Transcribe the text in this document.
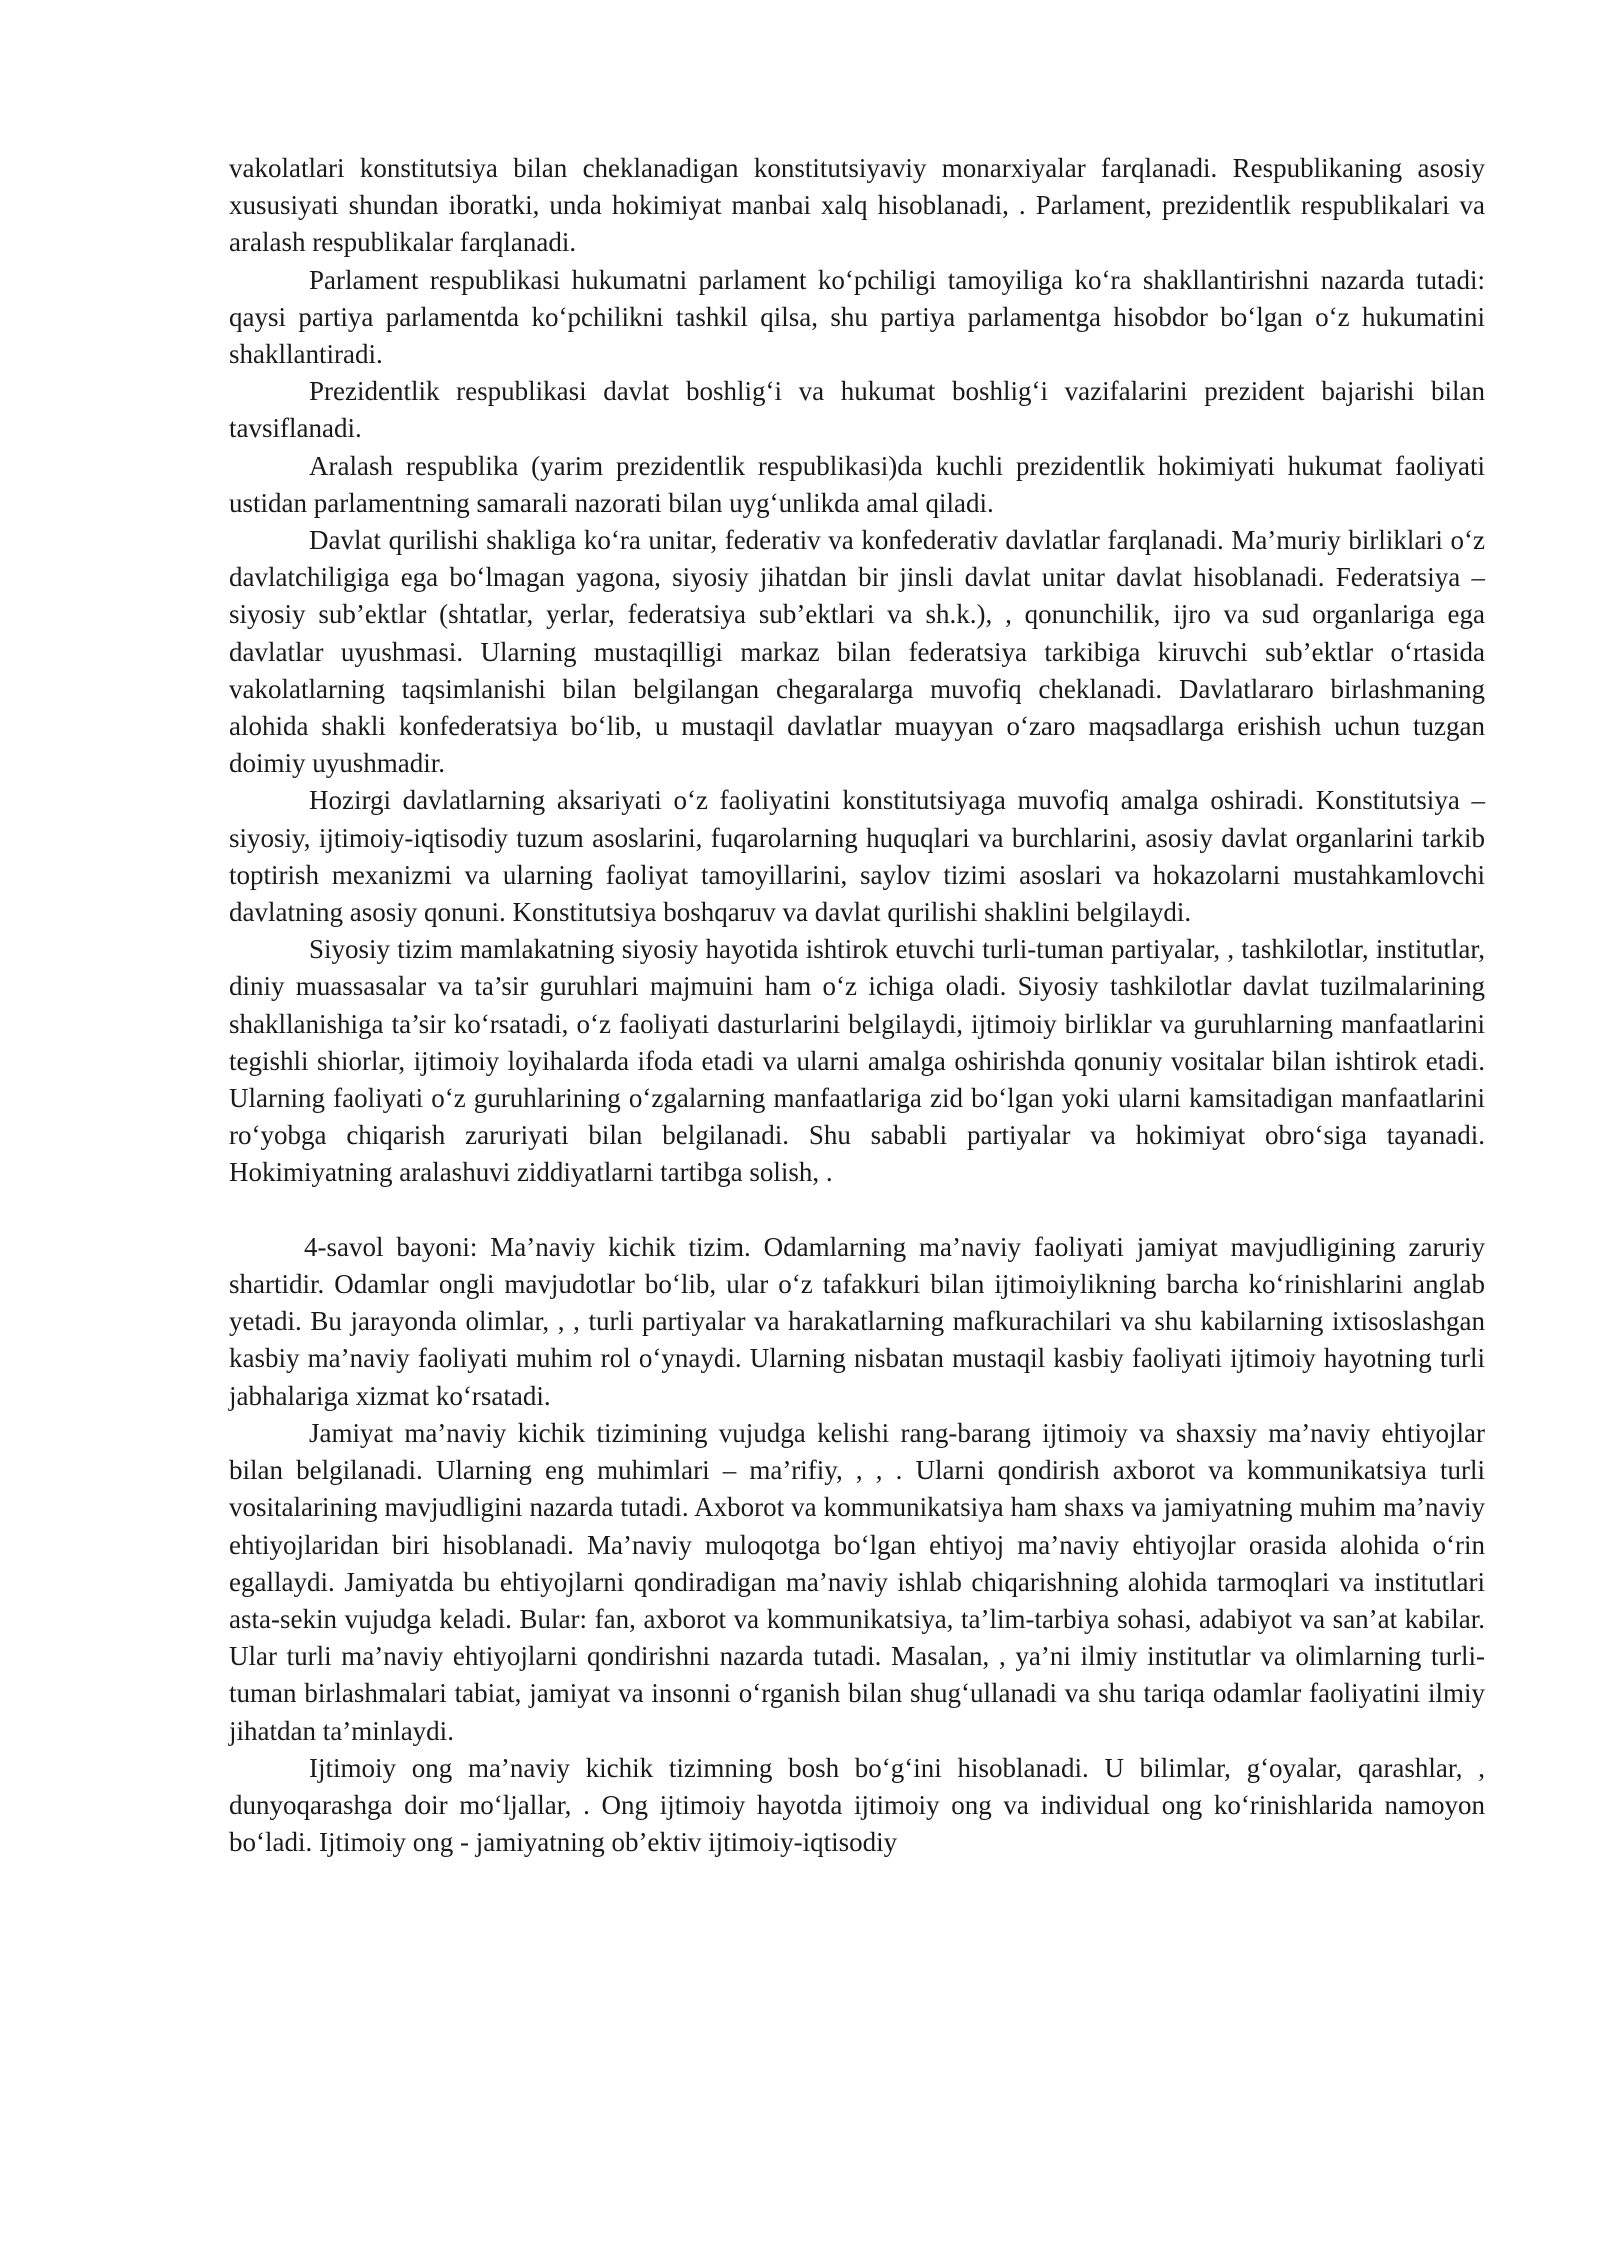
vakolatlari konstitutsiya bilan cheklanadigan konstitutsiyaviy monarxiyalar farqlanadi. Respublikaning asosiy xususiyati shundan iboratki, unda hokimiyat manbai xalq hisoblanadi, . Parlament, prezidentlik respublikalari va aralash respublikalar farqlanadi.

Parlament respublikasi hukumatni parlament ko‘pchiligi tamoyiliga ko‘ra shakllantirishni nazarda tutadi: qaysi partiya parlamentda ko‘pchilikni tashkil qilsa, shu partiya parlamentga hisobdor bo‘lgan o‘z hukumatini shakllantiradi.

Prezidentlik respublikasi davlat boshlig‘i va hukumat boshlig‘i vazifalarini prezident bajarishi bilan tavsiflanadi.

Aralash respublika (yarim prezidentlik respublikasi)da kuchli prezidentlik hokimiyati hukumat faoliyati ustidan parlamentning samarali nazorati bilan uyg‘unlikda amal qiladi.

Davlat qurilishi shakliga ko‘ra unitar, federativ va konfederativ davlatlar farqlanadi. Ma’muriy birliklari o‘z davlatchiligiga ega bo‘lmagan yagona, siyosiy jihatdan bir jinsli davlat unitar davlat hisoblanadi. Federatsiya – siyosiy sub’ektlar (shtatlar, yerlar, federatsiya sub’ektlari va sh.k.), , qonunchilik, ijro va sud organlariga ega davlatlar uyushmasi. Ularning mustaqilligi markaz bilan federatsiya tarkibiga kiruvchi sub’ektlar o‘rtasida vakolatlarning taqsimlanishi bilan belgilangan chegaralarga muvofiq cheklanadi. Davlatlararo birlashmaning alohida shakli konfederatsiya bo‘lib, u mustaqil davlatlar muayyan o‘zaro maqsadlarga erishish uchun tuzgan doimiy uyushmadir.

Hozirgi davlatlarning aksariyati o‘z faoliyatini konstitutsiyaga muvofiq amalga oshiradi. Konstitutsiya – siyosiy, ijtimoiy-iqtisodiy tuzum asoslarini, fuqarolarning huquqlari va burchlarini, asosiy davlat organlarini tarkib toptirish mexanizmi va ularning faoliyat tamoyillarini, saylov tizimi asoslari va hokazolarni mustahkamlovchi davlatning asosiy qonuni. Konstitutsiya boshqaruv va davlat qurilishi shaklini belgilaydi.

Siyosiy tizim mamlakatning siyosiy hayotida ishtirok etuvchi turli-tuman partiyalar, , tashkilotlar, institutlar, diniy muassasalar va ta’sir guruhlari majmuini ham o‘z ichiga oladi. Siyosiy tashkilotlar davlat tuzilmalarining shakllanishiga ta’sir ko‘rsatadi, o‘z faoliyati dasturlarini belgilaydi, ijtimoiy birliklar va guruhlarning manfaatlarini tegishli shiorlar, ijtimoiy loyihalarda ifoda etadi va ularni amalga oshirishda qonuniy vositalar bilan ishtirok etadi. Ularning faoliyati o‘z guruhlarining o‘zgalarning manfaatlariga zid bo‘lgan yoki ularni kamsitadigan manfaatlarini ro‘yobga chiqarish zaruriyati bilan belgilanadi. Shu sababli partiyalar va hokimiyat obro‘siga tayanadi. Hokimiyatning aralashuvi ziddiyatlarni tartibga solish, .

4-savol bayoni: Ma’naviy kichik tizim. Odamlarning ma’naviy faoliyati jamiyat mavjudligining zaruriy shartidir. Odamlar ongli mavjudotlar bo‘lib, ular o‘z tafakkuri bilan ijtimoiylikning barcha ko‘rinishlarini anglab yetadi. Bu jarayonda olimlar, , , turli partiyalar va harakatlarning mafkurachilari va shu kabilarning ixtisoslashgan kasbiy ma’naviy faoliyati muhim rol o‘ynaydi. Ularning nisbatan mustaqil kasbiy faoliyati ijtimoiy hayotning turli jabhalariga xizmat ko‘rsatadi.

Jamiyat ma’naviy kichik tizimining vujudga kelishi rang-barang ijtimoiy va shaxsiy ma’naviy ehtiyojlar bilan belgilanadi. Ularning eng muhimlari – ma’rifiy, , , . Ularni qondirish axborot va kommunikatsiya turli vositalarining mavjudligini nazarda tutadi. Axborot va kommunikatsiya ham shaxs va jamiyatning muhim ma’naviy ehtiyojlaridan biri hisoblanadi. Ma’naviy muloqotga bo‘lgan ehtiyoj ma’naviy ehtiyojlar orasida alohida o‘rin egallaydi. Jamiyatda bu ehtiyojlarni qondiradigan ma’naviy ishlab chiqarishning alohida tarmoqlari va institutlari asta-sekin vujudga keladi. Bular: fan, axborot va kommunikatsiya, ta’lim-tarbiya sohasi, adabiyot va san’at kabilar. Ular turli ma’naviy ehtiyojlarni qondirishni nazarda tutadi. Masalan, , ya’ni ilmiy institutlar va olimlarning turli-tuman birlashmalari tabiat, jamiyat va insonni o‘rganish bilan shug‘ullanadi va shu tariqa odamlar faoliyatini ilmiy jihatdan ta’minlaydi.

Ijtimoiy ong ma’naviy kichik tizimning bosh bo‘g‘ini hisoblanadi. U bilimlar, g‘oyalar, qarashlar, , dunyoqarashga doir mo‘ljallar, . Ong ijtimoiy hayotda ijtimoiy ong va individual ong ko‘rinishlarida namoyon bo‘ladi. Ijtimoiy ong - jamiyatning ob’ektiv ijtimoiy-iqtisodiy
